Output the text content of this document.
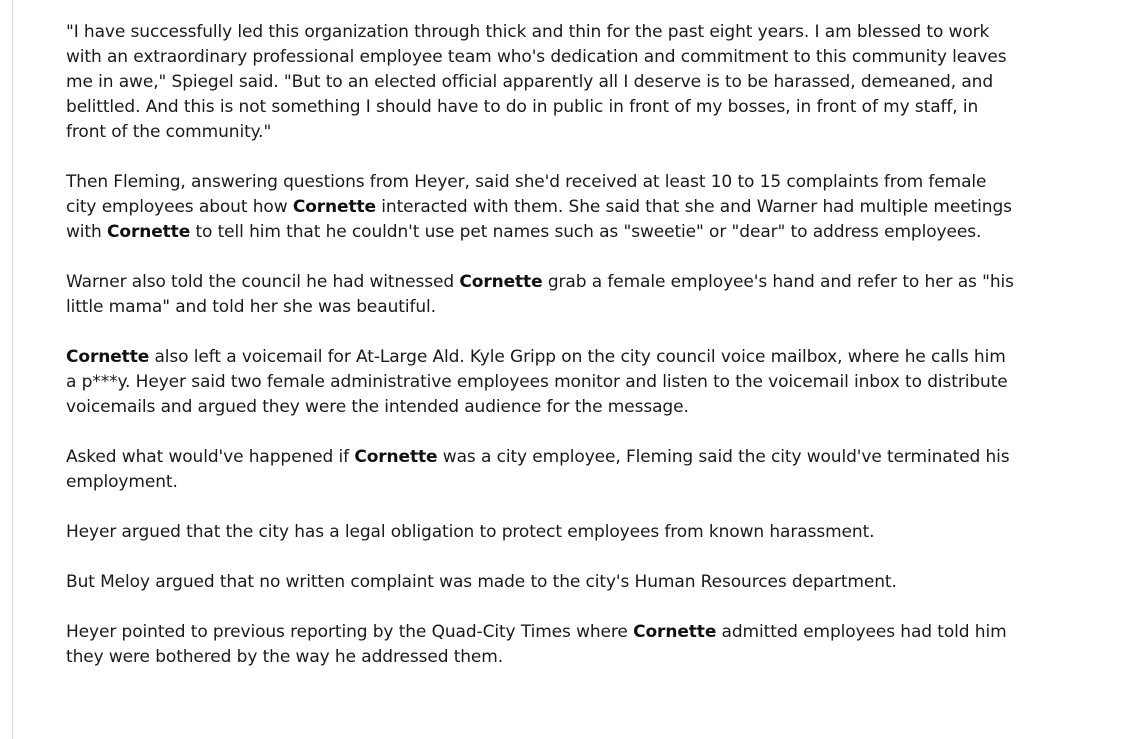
"I have successfully led this organization through thick and thin for the past eight years. I am blessed to work with an extraordinary professional employee team who's dedication and commitment to this community leaves me in awe," Spiegel said. "But to an elected official apparently all I deserve is to be harassed, demeaned, and belittled. And this is not something I should have to do in public in front of my bosses, in front of my staff, in front of the community."

Then Fleming, answering questions from Heyer, said she'd received at least 10 to 15 complaints from female city employees about how Cornette interacted with them. She said that she and Warner had multiple meetings with Cornette to tell him that he couldn't use pet names such as "sweetie" or "dear" to address employees.

Warner also told the council he had witnessed Cornette grab a female employee's hand and refer to her as "his little mama" and told her she was beautiful.

Cornette also left a voicemail for At-Large Ald. Kyle Gripp on the city council voice mailbox, where he calls him a p***y. Heyer said two female administrative employees monitor and listen to the voicemail inbox to distribute voicemails and argued they were the intended audience for the message.

Asked what would've happened if Cornette was a city employee, Fleming said the city would've terminated his employment.

Heyer argued that the city has a legal obligation to protect employees from known harassment.

But Meloy argued that no written complaint was made to the city's Human Resources department.

Heyer pointed to previous reporting by the Quad-City Times where Cornette admitted employees had told him they were bothered by the way he addressed them.
